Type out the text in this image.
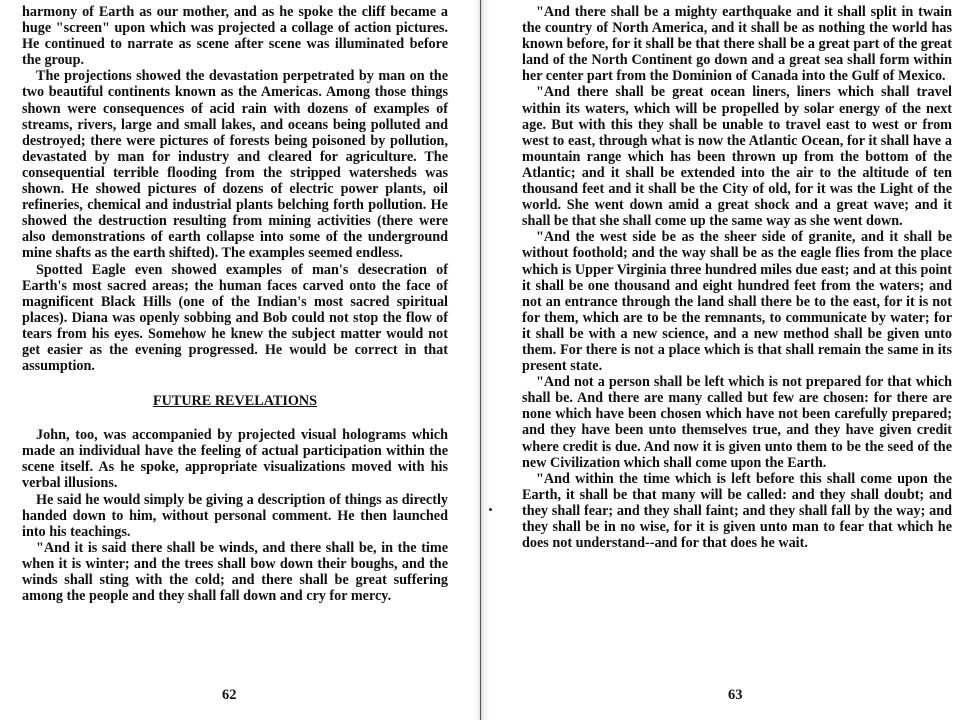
harmony of Earth as our mother, and as he spoke the cliff became a huge "screen" upon which was projected a collage of action pictures. He continued to narrate as scene after scene was illuminated before the group.

The projections showed the devastation perpetrated by man on the two beautiful continents known as the Americas. Among those things shown were consequences of acid rain with dozens of examples of streams, rivers, large and small lakes, and oceans being polluted and destroyed; there were pictures of forests being poisoned by pollution, devastated by man for industry and cleared for agriculture. The consequential terrible flooding from the stripped watersheds was shown. He showed pictures of dozens of electric power plants, oil refineries, chemical and industrial plants belching forth pollution. He showed the destruction resulting from mining activities (there were also demonstrations of earth collapse into some of the underground mine shafts as the earth shifted). The examples seemed endless.

Spotted Eagle even showed examples of man's desecration of Earth's most sacred areas; the human faces carved onto the face of magnificent Black Hills (one of the Indian's most sacred spiritual places). Diana was openly sobbing and Bob could not stop the flow of tears from his eyes. Somehow he knew the subject matter would not get easier as the evening progressed. He would be correct in that assumption.

FUTURE REVELATIONS

John, too, was accompanied by projected visual holograms which made an individual have the feeling of actual participation within the scene itself. As he spoke, appropriate visualizations moved with his verbal illusions.

He said he would simply be giving a description of things as directly handed down to him, without personal comment. He then launched into his teachings.

"And it is said there shall be winds, and there shall be, in the time when it is winter; and the trees shall bow down their boughs, and the winds shall sting with the cold; and there shall be great suffering among the people and they shall fall down and cry for mercy.

62

"And there shall be a mighty earthquake and it shall split in twain the country of North America, and it shall be as nothing the world has known before, for it shall be that there shall be a great part of the great land of the North Continent go down and a great sea shall form within her center part from the Dominion of Canada into the Gulf of Mexico.

"And there shall be great ocean liners, liners which shall travel within its waters, which will be propelled by solar energy of the next age. But with this they shall be unable to travel east to west or from west to east, through what is now the Atlantic Ocean, for it shall have a mountain range which has been thrown up from the bottom of the Atlantic; and it shall be extended into the air to the altitude of ten thousand feet and it shall be the City of old, for it was the Light of the world. She went down amid a great shock and a great wave; and it shall be that she shall come up the same way as she went down.

"And the west side be as the sheer side of granite, and it shall be without foothold; and the way shall be as the eagle flies from the place which is Upper Virginia three hundred miles due east; and at this point it shall be one thousand and eight hundred feet from the waters; and not an entrance through the land shall there be to the east, for it is not for them, which are to be the remnants, to communicate by water; for it shall be with a new science, and a new method shall be given unto them. For there is not a place which is that shall remain the same in its present state.

"And not a person shall be left which is not prepared for that which shall be. And there are many called but few are chosen: for there are none which have been chosen which have not been carefully prepared; and they have been unto themselves true, and they have given credit where credit is due. And now it is given unto them to be the seed of the new Civilization which shall come upon the Earth.

"And within the time which is left before this shall come upon the Earth, it shall be that many will be called: and they shall doubt; and they shall fear; and they shall faint; and they shall fall by the way; and they shall be in no wise, for it is given unto man to fear that which he does not understand--and for that does he wait.

63
